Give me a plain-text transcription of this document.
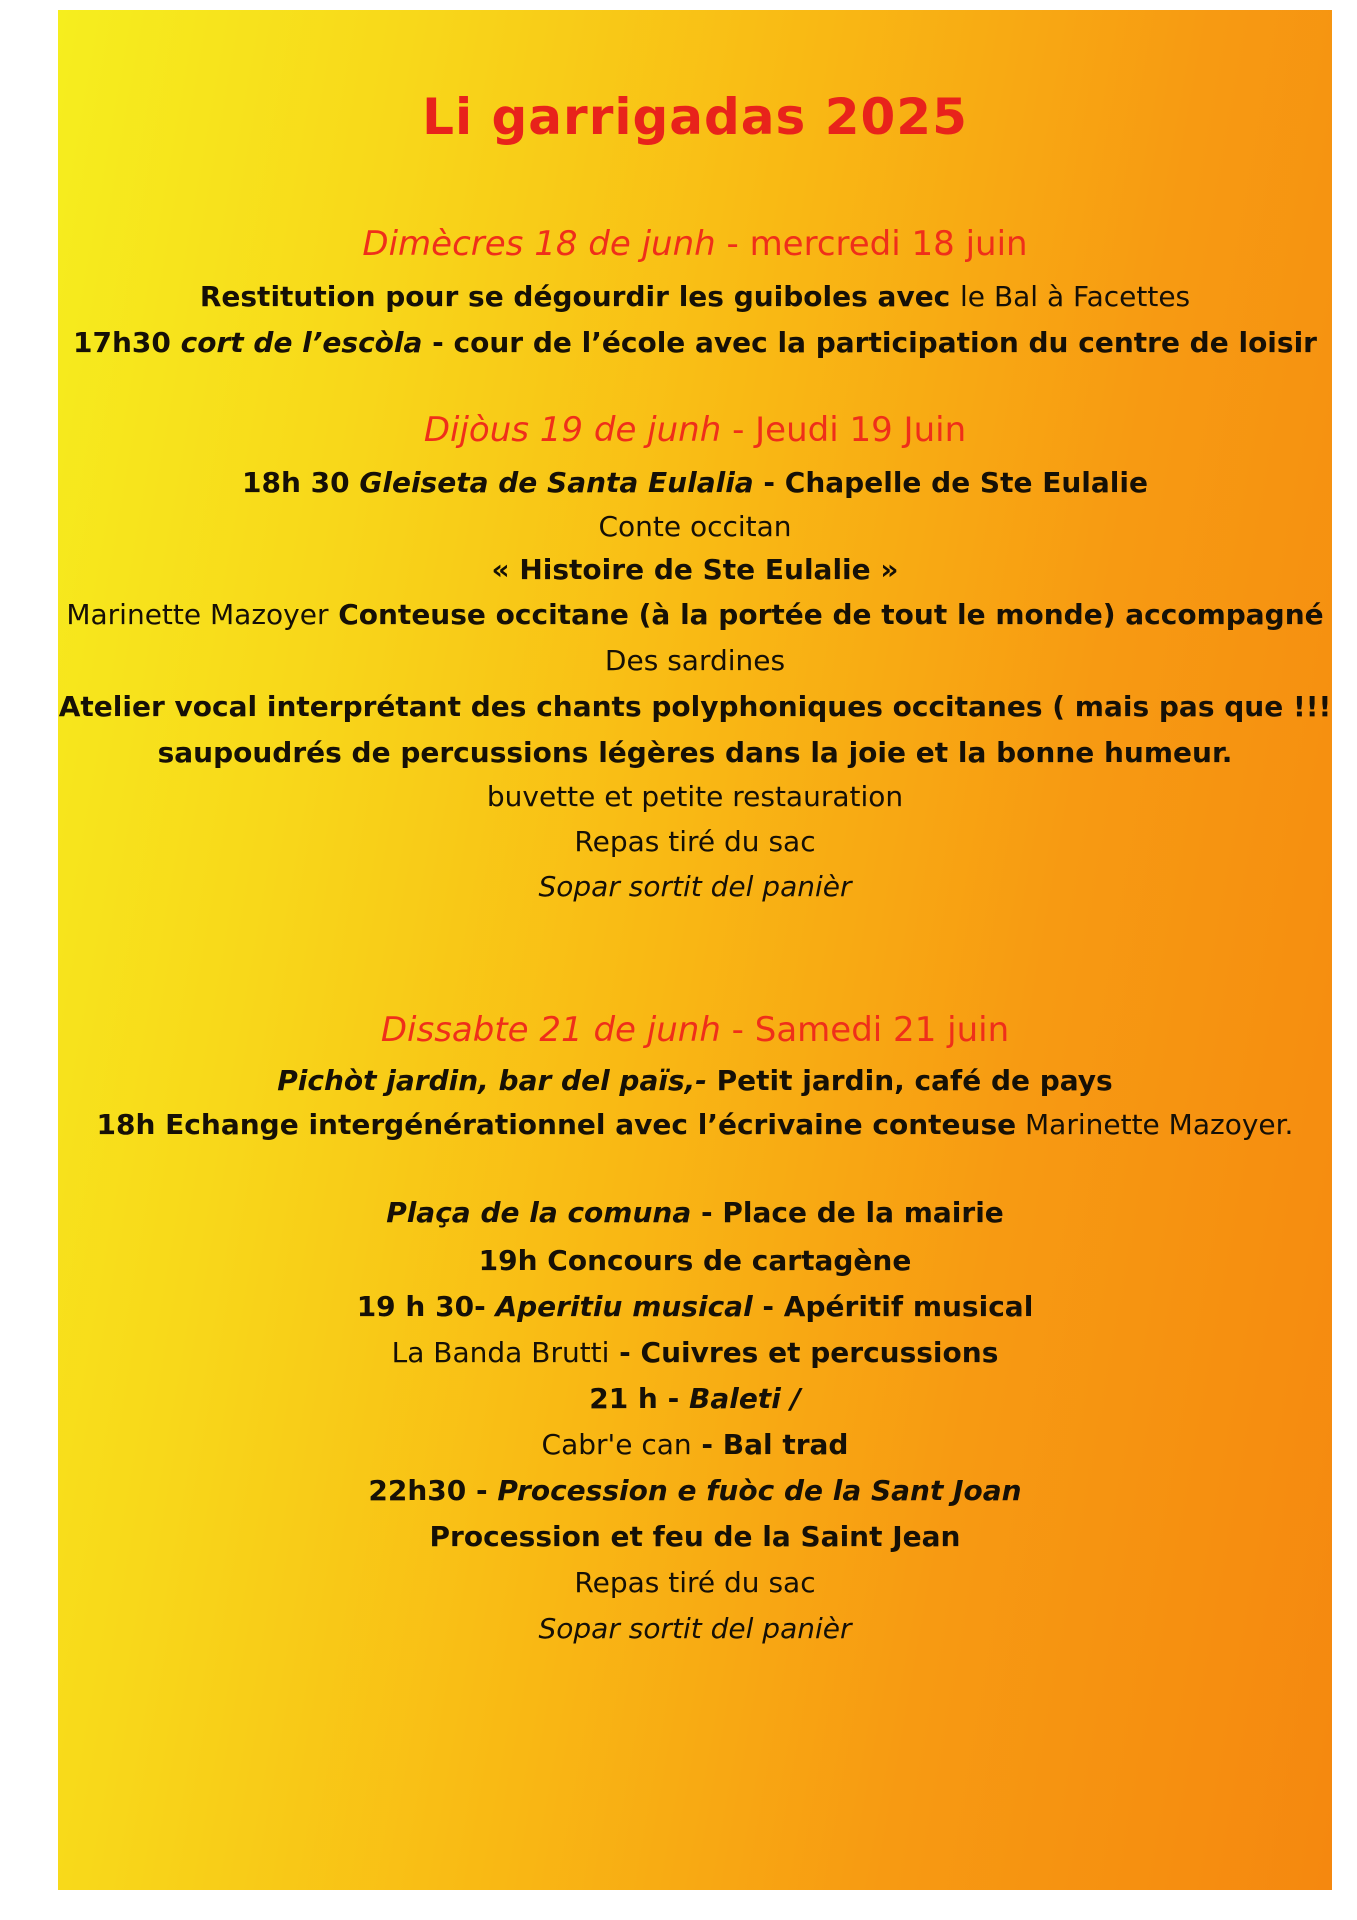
Li garrigadas 2025
Dimècres 18 de junh - mercredi 18 juin
Restitution pour se dégourdir les guiboles avec le Bal à Facettes
17h30 cort de l’escòla - cour de l’école avec la participation du centre de loisir
Dijòus 19 de junh - Jeudi 19 Juin
18h 30 Gleiseta de Santa Eulalia - Chapelle de Ste Eulalie
Conte occitan
« Histoire de Ste Eulalie »
Marinette Mazoyer Conteuse occitane (à la portée de tout le monde) accompagné
Des sardines
Atelier vocal interprétant des chants polyphoniques occitanes ( mais pas que !!!
saupoudrés de percussions légères dans la joie et la bonne humeur.
buvette et petite restauration
Repas tiré du sac
Sopar sortit del panièr
Dissabte 21 de junh - Samedi 21 juin
Pichòt jardin, bar del païs,- Petit jardin, café de pays
18h Echange intergénérationnel avec l’écrivaine conteuse Marinette Mazoyer.
Plaça de la comuna - Place de la mairie
19h Concours de cartagène
19 h 30- Aperitiu musical - Apéritif musical
La Banda Brutti - Cuivres et percussions
21 h - Baleti /
Cabr'e can - Bal trad
22h30 - Procession e fuòc de la Sant Joan
Procession et feu de la Saint Jean
Repas tiré du sac
Sopar sortit del panièr
